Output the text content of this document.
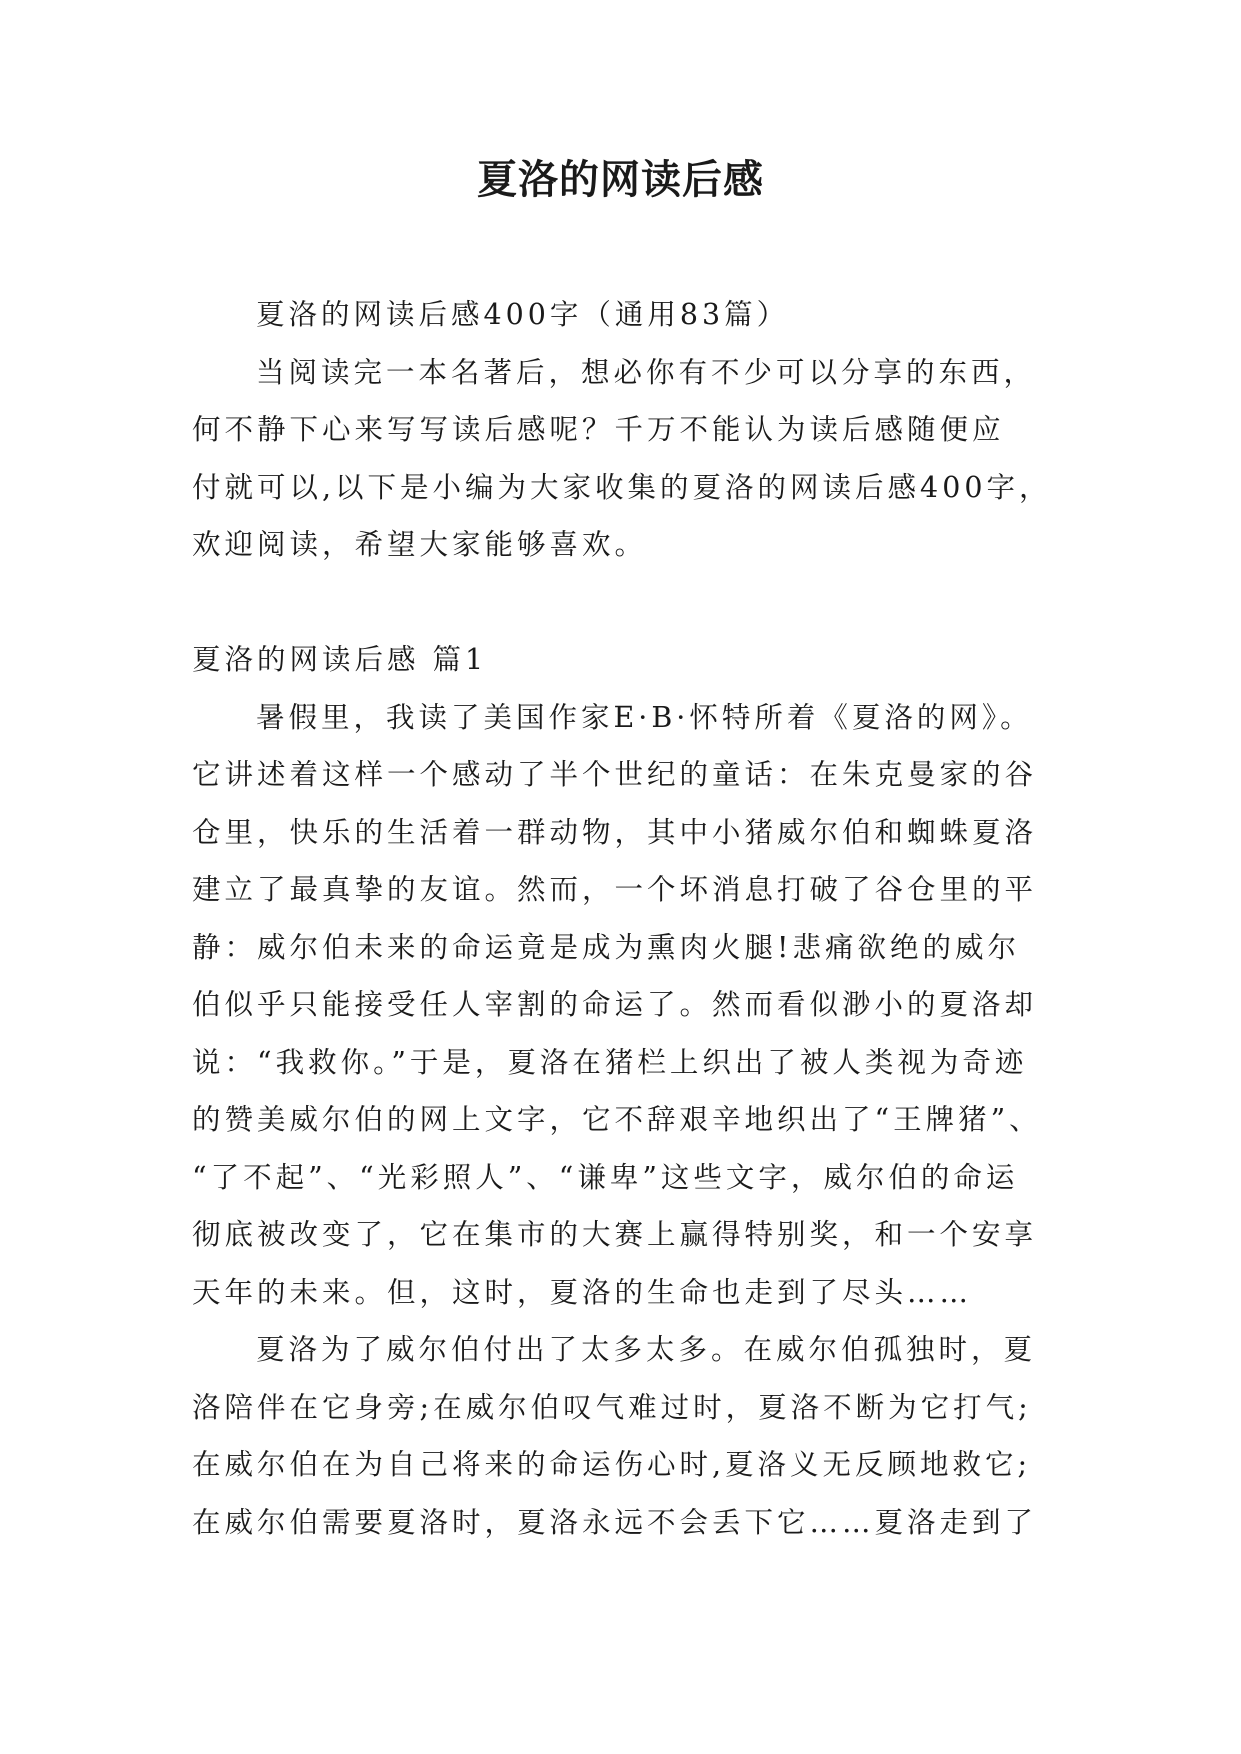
夏洛的网读后感
夏洛的网读后感400字（通用83篇）
当阅读完一本名著后，想必你有不少可以分享的东西，
何不静下心来写写读后感呢？千万不能认为读后感随便应
付就可以,以下是小编为大家收集的夏洛的网读后感400字，
欢迎阅读，希望大家能够喜欢。
夏洛的网读后感 篇1
暑假里，我读了美国作家E·B·怀特所着《夏洛的网》。
它讲述着这样一个感动了半个世纪的童话：在朱克曼家的谷
仓里，快乐的生活着一群动物，其中小猪威尔伯和蜘蛛夏洛
建立了最真挚的友谊。然而，一个坏消息打破了谷仓里的平
静：威尔伯未来的命运竟是成为熏肉火腿!悲痛欲绝的威尔
伯似乎只能接受任人宰割的命运了。然而看似渺小的夏洛却
说：“我救你。”于是，夏洛在猪栏上织出了被人类视为奇迹
的赞美威尔伯的网上文字，它不辞艰辛地织出了“王牌猪”、
“了不起”、“光彩照人”、“谦卑”这些文字，威尔伯的命运
彻底被改变了，它在集市的大赛上赢得特别奖，和一个安享
天年的未来。但，这时，夏洛的生命也走到了尽头……
夏洛为了威尔伯付出了太多太多。在威尔伯孤独时，夏
洛陪伴在它身旁;在威尔伯叹气难过时，夏洛不断为它打气;
在威尔伯在为自己将来的命运伤心时,夏洛义无反顾地救它;
在威尔伯需要夏洛时，夏洛永远不会丢下它……夏洛走到了
